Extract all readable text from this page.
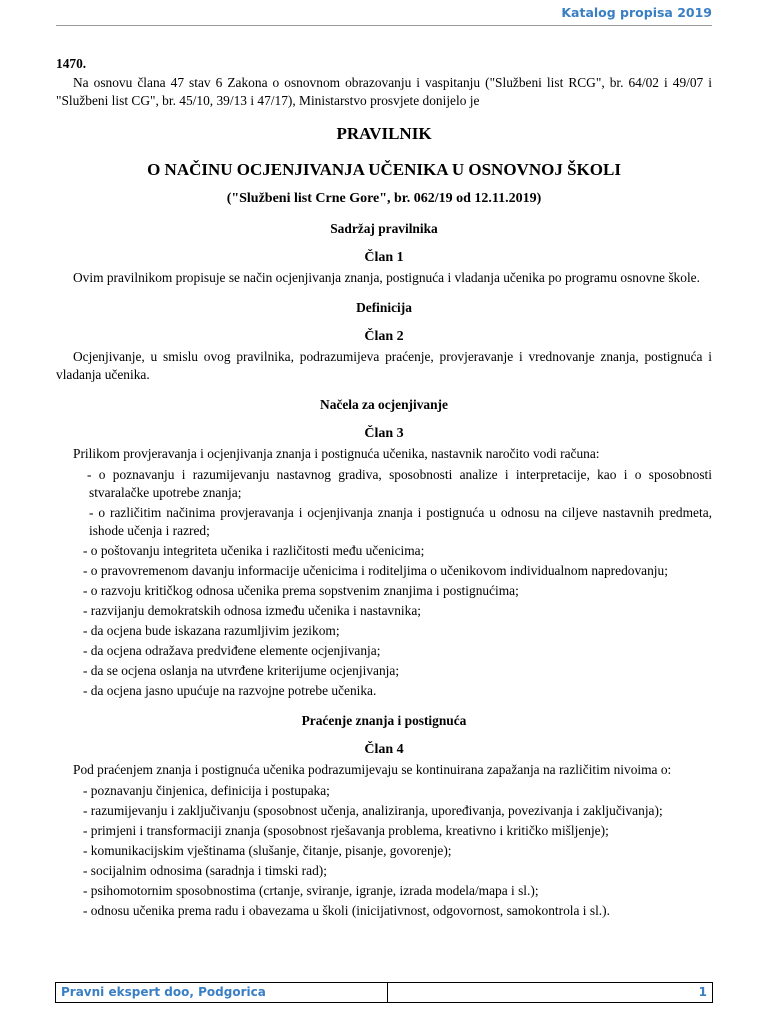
Katalog propisa 2019
1470.
Na osnovu člana 47 stav 6 Zakona o osnovnom obrazovanju i vaspitanju ("Službeni list RCG", br. 64/02 i 49/07 i "Službeni list CG", br. 45/10, 39/13 i 47/17), Ministarstvo prosvjete donijelo je
PRAVILNIK
O NAČINU OCJENJIVANJA UČENIKA U OSNOVNOJ ŠKOLI
("Službeni list Crne Gore", br. 062/19 od 12.11.2019)
Sadržaj pravilnika
Član 1
Ovim pravilnikom propisuje se način ocjenjivanja znanja, postignuća i vladanja učenika po programu osnovne škole.
Definicija
Član 2
Ocjenjivanje, u smislu ovog pravilnika, podrazumijeva praćenje, provjeravanje i vrednovanje znanja, postignuća i vladanja učenika.
Načela za ocjenjivanje
Član 3
Prilikom provjeravanja i ocjenjivanja znanja i postignuća učenika, nastavnik naročito vodi računa:
- o poznavanju i razumijevanju nastavnog gradiva, sposobnosti analize i interpretacije, kao i o sposobnosti stvaralačke upotrebe znanja;
- o različitim načinima provjeravanja i ocjenjivanja znanja i postignuća u odnosu na ciljeve nastavnih predmeta, ishode učenja i razred;
- o poštovanju integriteta učenika i različitosti među učenicima;
- o pravovremenom davanju informacije učenicima i roditeljima o učenikovom individualnom napredovanju;
- o razvoju kritičkog odnosa učenika prema sopstvenim znanjima i postignućima;
- razvijanju demokratskih odnosa između učenika i nastavnika;
- da ocjena bude iskazana razumljivim jezikom;
- da ocjena odražava predviđene elemente ocjenjivanja;
- da se ocjena oslanja na utvrđene kriterijume ocjenjivanja;
- da ocjena jasno upućuje na razvojne potrebe učenika.
Praćenje znanja i postignuća
Član 4
Pod praćenjem znanja i postignuća učenika podrazumijevaju se kontinuirana zapažanja na različitim nivoima o:
- poznavanju činjenica, definicija i postupaka;
- razumijevanju i zaključivanju (sposobnost učenja, analiziranja, upoređivanja, povezivanja i zaključivanja);
- primjeni i transformaciji znanja (sposobnost rješavanja problema, kreativno i kritičko mišljenje);
- komunikacijskim vještinama (slušanje, čitanje, pisanje, govorenje);
- socijalnim odnosima (saradnja i timski rad);
- psihomotornim sposobnostima (crtanje, sviranje, igranje, izrada modela/mapa i sl.);
- odnosu učenika prema radu i obavezama u školi (inicijativnost, odgovornost, samokontrola i sl.).
Pravni ekspert doo, Podgorica	1
